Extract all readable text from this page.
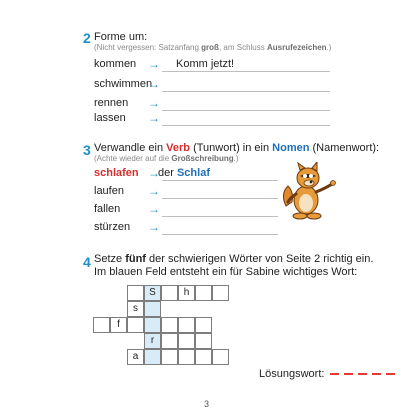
2 Forme um:
(Nicht vergessen: Satzanfang groß, am Schluss Ausrufezeichen.)
kommen → Komm jetzt!
schwimmen
→
rennen →
lassen →
3 Verwandle ein Verb (Tunwort) in ein Nomen (Namenwort):
(Achte wieder auf die Großschreibung.)
schlafen →
der Schlaf
laufen →
fallen →
stürzen →
4 Setze fünf der schwierigen Wörter von Seite 2 richtig ein.
Im blauen Feld entsteht ein für Sabine wichtiges Wort:
S	h
s
f
r
a
Lösungswort:
3
